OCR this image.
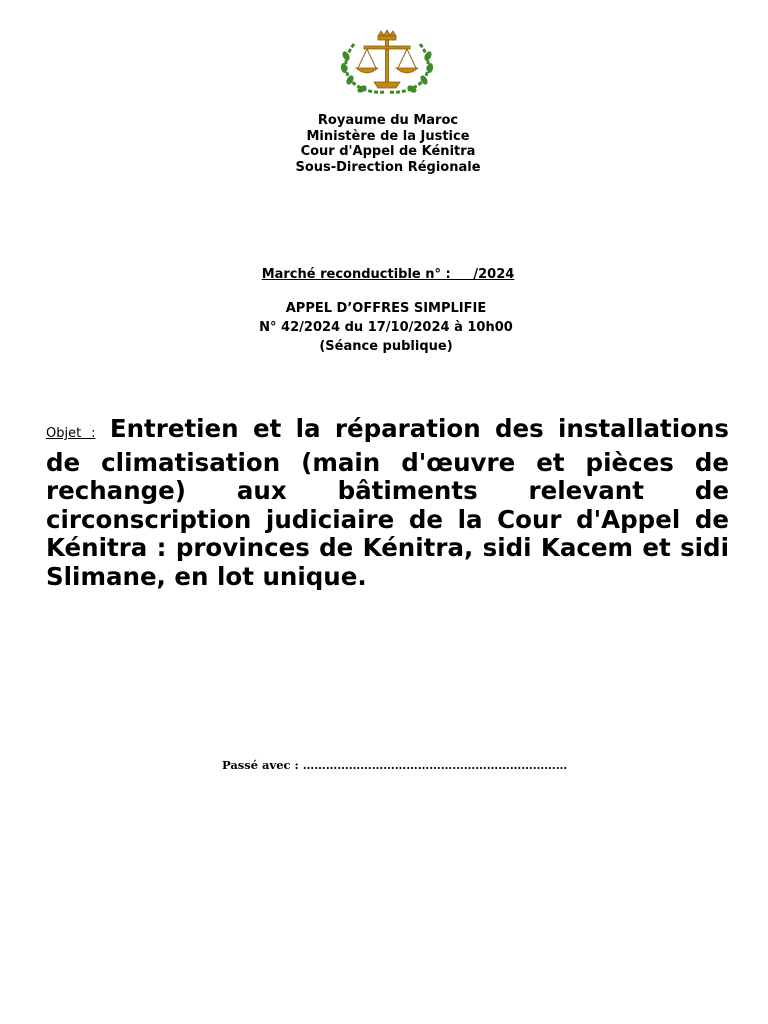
Royaume du Maroc
Ministère de la Justice
Cour d'Appel de Kénitra
Sous-Direction Régionale
Marché reconductible n° :     /2024
APPEL D’OFFRES SIMPLIFIE
N° 42/2024 du 17/10/2024 à 10h00
(Séance publique)
Objet : Entretien et la réparation des installations de climatisation (main d'œuvre et pièces de rechange) aux bâtiments relevant de circonscription judiciaire de la Cour d'Appel de Kénitra : provinces de Kénitra, sidi Kacem et sidi Slimane, en lot unique.
Passé avec : ……………………………………………………………
